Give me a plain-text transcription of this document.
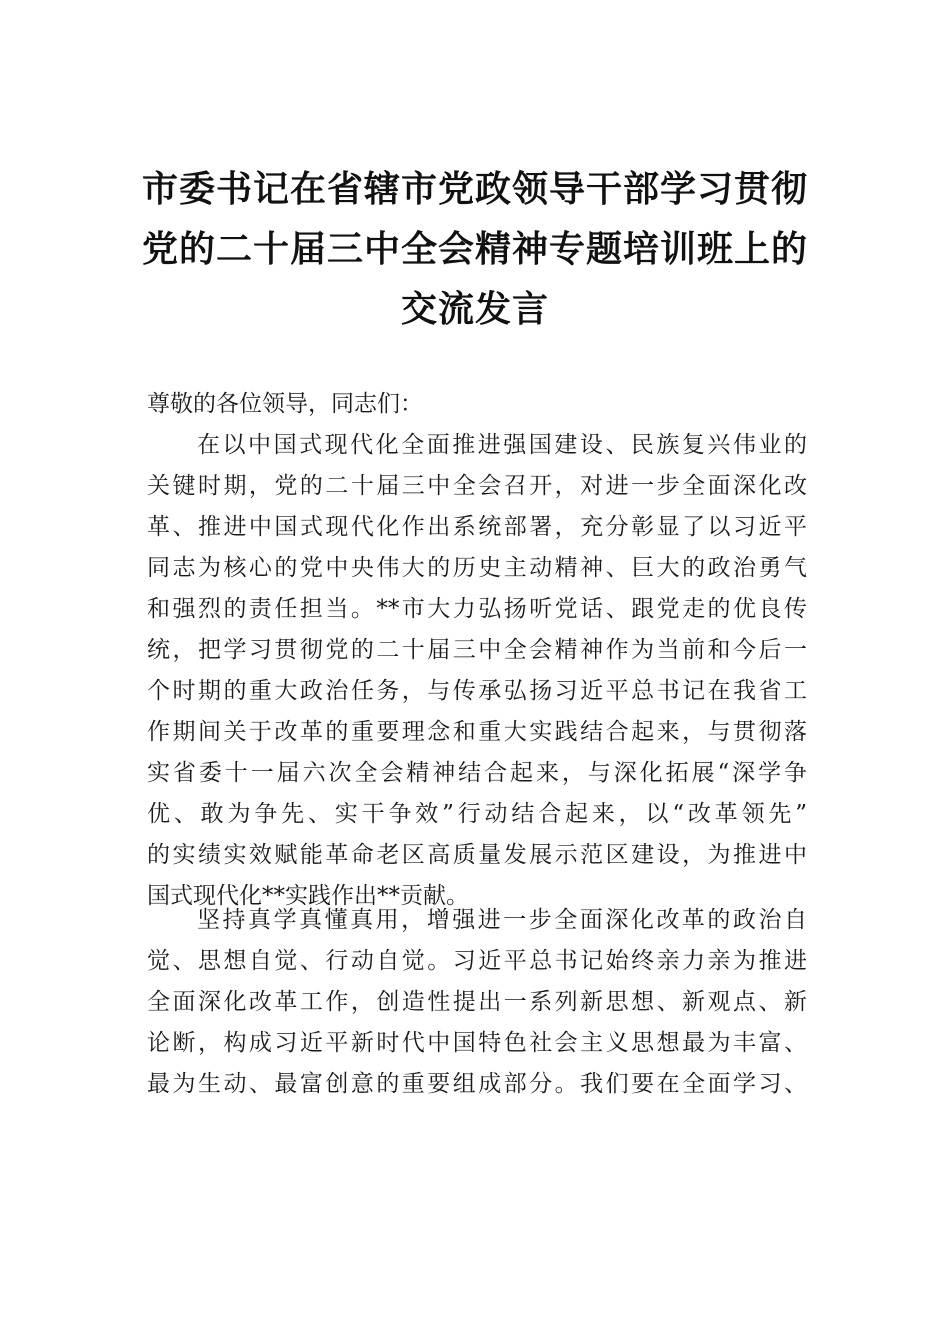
市委书记在省辖市党政领导干部学习贯彻
党的二十届三中全会精神专题培训班上的
交流发言
尊敬的各位领导，同志们：
在以中国式现代化全面推进强国建设、民族复兴伟业的
关键时期，党的二十届三中全会召开，对进一步全面深化改
革、推进中国式现代化作出系统部署，充分彰显了以习近平
同志为核心的党中央伟大的历史主动精神、巨大的政治勇气
和强烈的责任担当。**市大力弘扬听党话、跟党走的优良传
统，把学习贯彻党的二十届三中全会精神作为当前和今后一
个时期的重大政治任务，与传承弘扬习近平总书记在我省工
作期间关于改革的重要理念和重大实践结合起来，与贯彻落
实省委十一届六次全会精神结合起来，与深化拓展“深学争
优、敢为争先、实干争效”行动结合起来，以“改革领先”
的实绩实效赋能革命老区高质量发展示范区建设，为推进中
国式现代化**实践作出**贡献。
坚持真学真懂真用，增强进一步全面深化改革的政治自
觉、思想自觉、行动自觉。习近平总书记始终亲力亲为推进
全面深化改革工作，创造性提出一系列新思想、新观点、新
论断，构成习近平新时代中国特色社会主义思想最为丰富、
最为生动、最富创意的重要组成部分。我们要在全面学习、
